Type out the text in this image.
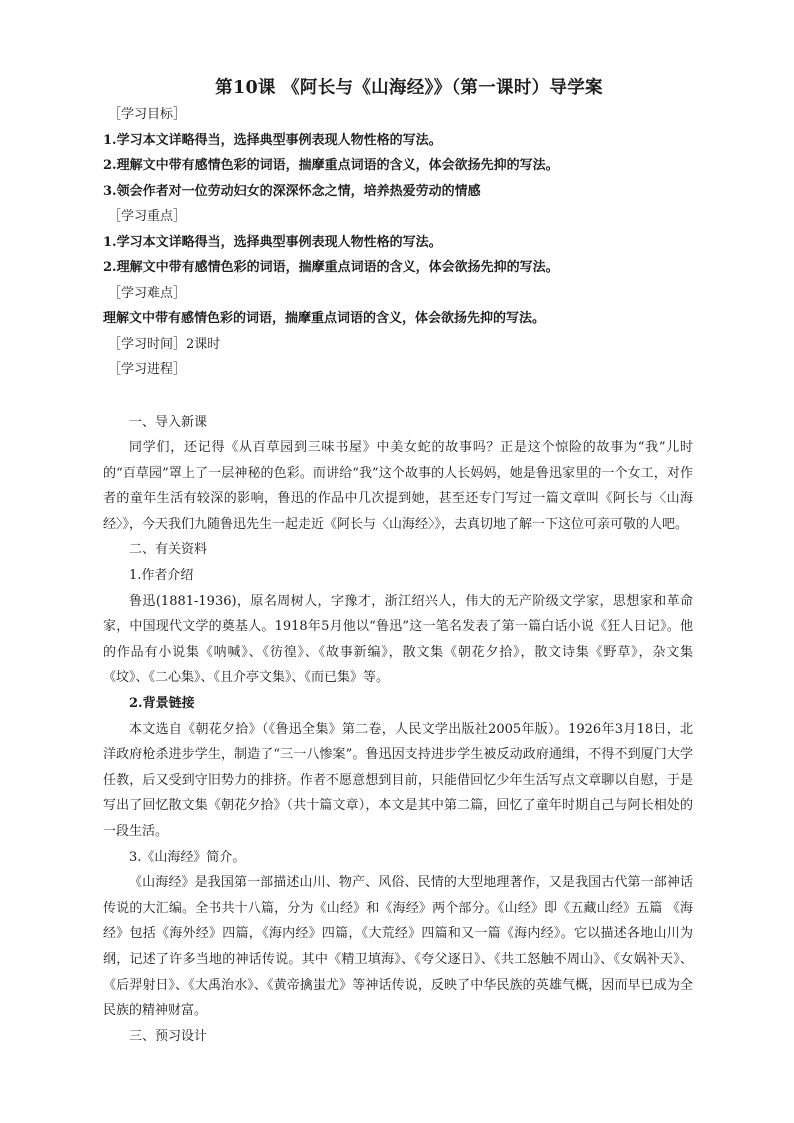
第10课 《阿长与《山海经》》（第一课时）导学案
［学习目标］
1.学习本文详略得当，选择典型事例表现人物性格的写法。
2.理解文中带有感情色彩的词语，揣摩重点词语的含义，体会欲扬先抑的写法。
3.领会作者对一位劳动妇女的深深怀念之情，培养热爱劳动的情感
［学习重点］
1.学习本文详略得当，选择典型事例表现人物性格的写法。
2.理解文中带有感情色彩的词语，揣摩重点词语的含义，体会欲扬先抑的写法。
［学习难点］
理解文中带有感情色彩的词语，揣摩重点词语的含义，体会欲扬先抑的写法。
［学习时间］2课时
［学习进程］
一、导入新课

同学们，还记得《从百草园到三味书屋》中美女蛇的故事吗？正是这个惊险的故事为“我”儿时的“百草园”罩上了一层神秘的色彩。而讲给“我”这个故事的人长妈妈，她是鲁迅家里的一个女工，对作者的童年生活有较深的影响，鲁迅的作品中几次提到她，甚至还专门写过一篇文章叫《阿长与〈山海经〉》，今天我们九随鲁迅先生一起走近《阿长与〈山海经〉》，去真切地了解一下这位可亲可敬的人吧。

二、有关资料
1.作者介绍

鲁迅(1881-1936)，原名周树人，字豫才，浙江绍兴人，伟大的无产阶级文学家，思想家和革命家，中国现代文学的奠基人。1918年5月他以“鲁迅”这一笔名发表了第一篇白话小说《狂人日记》。他的作品有小说集《呐喊》、《彷徨》、《故事新编》，散文集《朝花夕拾》，散文诗集《野草》，杂文集《坟》、《二心集》、《且介亭文集》、《而已集》等。

2.背景链接

本文选自《朝花夕拾》（《鲁迅全集》第二卷，人民文学出版社2005年版）。1926年3月18日，北洋政府枪杀进步学生，制造了“三一八惨案”。鲁迅因支持进步学生被反动政府通缉，不得不到厦门大学任教，后又受到守旧势力的排挤。作者不愿意想到目前，只能借回忆少年生活写点文章聊以自慰，于是写出了回忆散文集《朝花夕拾》（共十篇文章），本文是其中第二篇，回忆了童年时期自己与阿长相处的一段生活。

3.《山海经》简介。

《山海经》是我国第一部描述山川、物产、风俗、民情的大型地理著作，又是我国古代第一部神话传说的大汇编。全书共十八篇，分为《山经》和《海经》两个部分。《山经》即《五藏山经》五篇 《海经》包括《海外经》四篇，《海内经》四篇，《大荒经》四篇和又一篇《海内经》。它以描述各地山川为纲，记述了许多当地的神话传说。其中《精卫填海》、《夸父逐日》、《共工怒触不周山》、《女娲补天》、《后羿射日》、《大禹治水》、《黄帝擒蚩尤》等神话传说，反映了中华民族的英雄气概，因而早已成为全民族的精神财富。

三、预习设计
